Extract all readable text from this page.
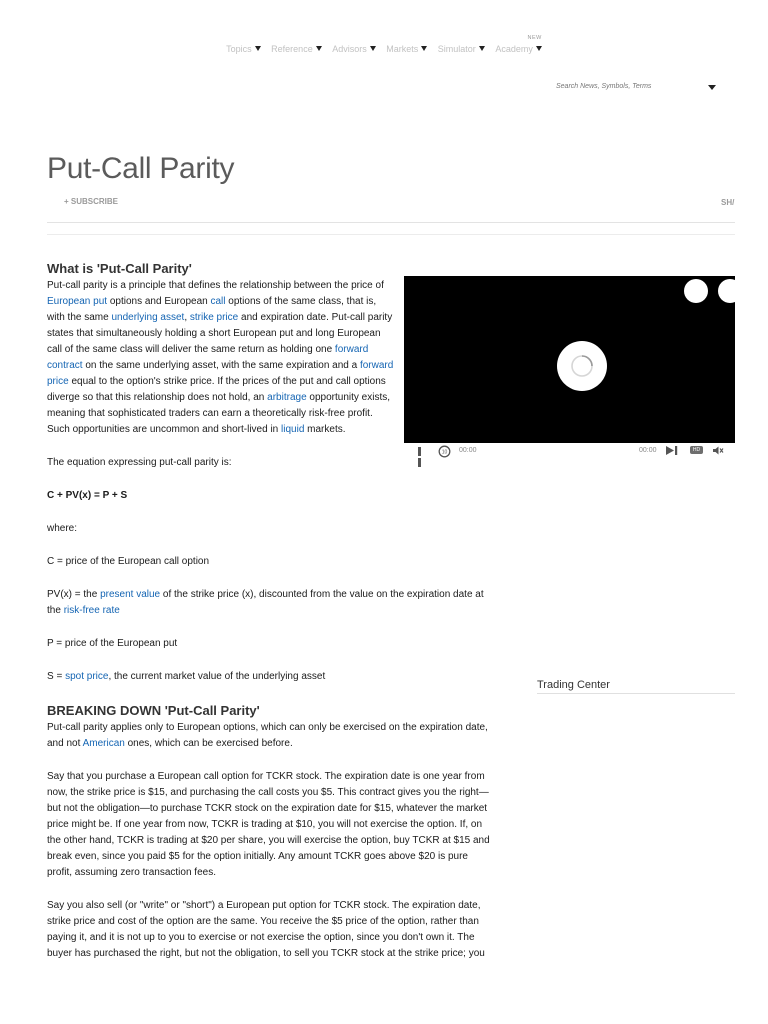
Topics Reference Advisors Markets Simulator
NEW
Academy
Search News, Symbols, Terms
Put-Call Parity
+ SUBSCRIBE	SH/
What is 'Put-Call Parity'

Put-call parity is a principle that defines the relationship between the price of European put options and European call options of the same class, that is, with the same underlying asset, strike price and expiration date. Put-call parity states that simultaneously holding a short European put and long European call of the same class will deliver the same return as holding one forward contract on the same underlying asset, with the same expiration and a forward price equal to the option's strike price. If the prices of the put and call options diverge so that this relationship does not hold, an arbitrage opportunity exists, meaning that sophisticated traders can earn a theoretically risk-free profit. Such opportunities are uncommon and short-lived in liquid markets.

The equation expressing put-call parity is:

C + PV(x) = P + S

where:

C = price of the European call option

PV(x) = the present value of the strike price (x), discounted from the value on the expiration date at the risk-free rate

P = price of the European put

S = spot price, the current market value of the underlying asset

BREAKING DOWN 'Put-Call Parity'

Put-call parity applies only to European options, which can only be exercised on the expiration date, and not American ones, which can be exercised before.

Say that you purchase a European call option for TCKR stock. The expiration date is one year from now, the strike price is $15, and purchasing the call costs you $5. This contract gives you the right—but not the obligation—to purchase TCKR stock on the expiration date for $15, whatever the market price might be. If one year from now, TCKR is trading at $10, you will not exercise the option. If, on the other hand, TCKR is trading at $20 per share, you will exercise the option, buy TCKR at $15 and break even, since you paid $5 for the option initially. Any amount TCKR goes above $20 is pure profit, assuming zero transaction fees.

Say you also sell (or "write" or "short") a European put option for TCKR stock. The expiration date, strike price and cost of the option are the same. You receive the $5 price of the option, rather than paying it, and it is not up to you to exercise or not exercise the option, since you don't own it. The buyer has purchased the right, but not the obligation, to sell you TCKR stock at the strike price; you

10 00:00	00:00	HD
Trading Center
